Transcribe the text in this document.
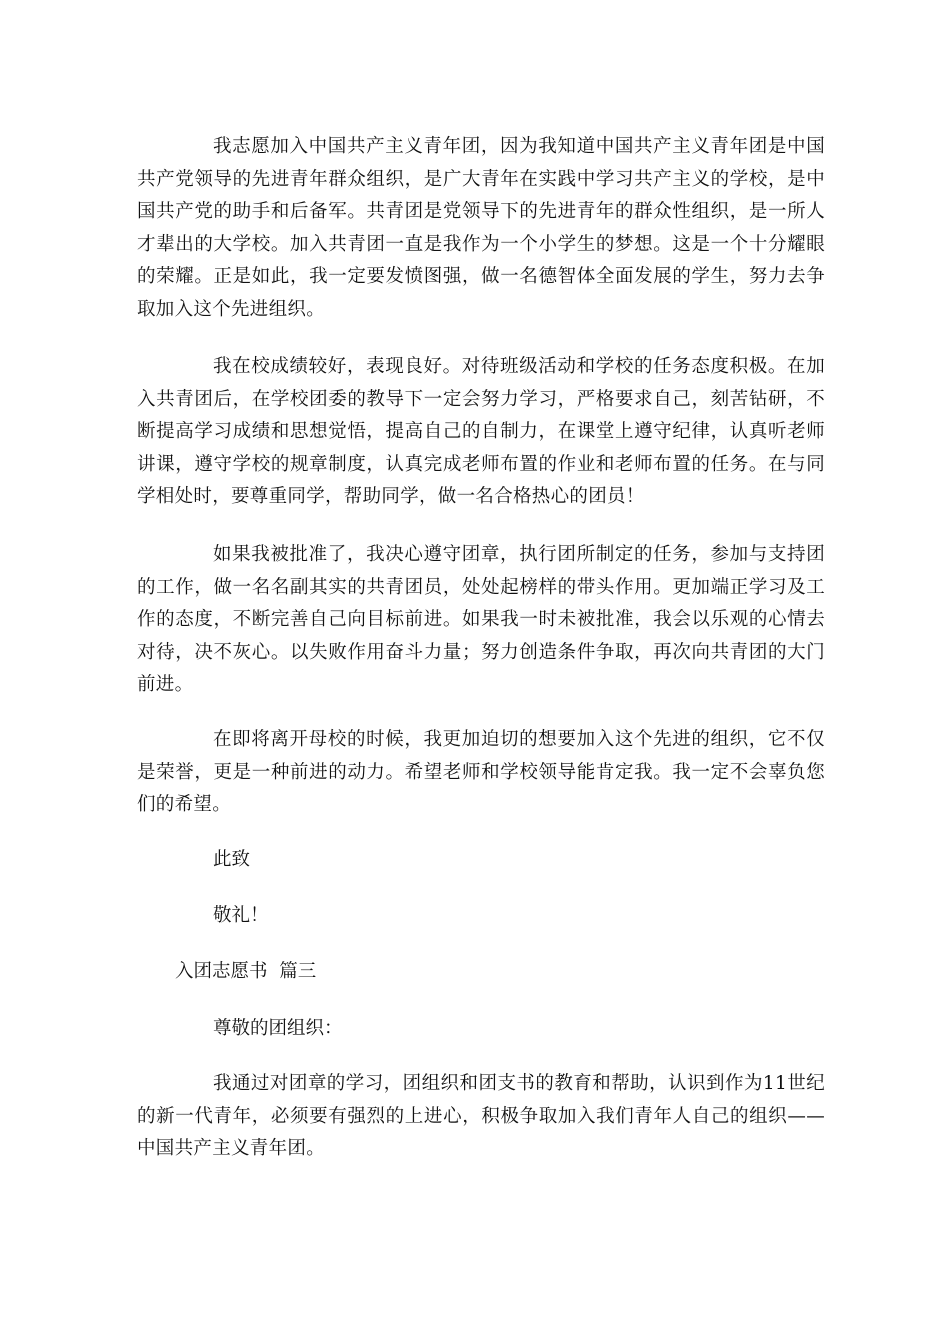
我志愿加入中国共产主义青年团，因为我知道中国共产主义青年团是中国共产党领导的先进青年群众组织，是广大青年在实践中学习共产主义的学校，是中国共产党的助手和后备军。共青团是党领导下的先进青年的群众性组织，是一所人才辈出的大学校。加入共青团一直是我作为一个小学生的梦想。这是一个十分耀眼的荣耀。正是如此，我一定要发愤图强，做一名德智体全面发展的学生，努力去争取加入这个先进组织。

我在校成绩较好，表现良好。对待班级活动和学校的任务态度积极。在加入共青团后，在学校团委的教导下一定会努力学习，严格要求自己，刻苦钻研，不断提高学习成绩和思想觉悟，提高自己的自制力，在课堂上遵守纪律，认真听老师讲课，遵守学校的规章制度，认真完成老师布置的作业和老师布置的任务。在与同学相处时，要尊重同学，帮助同学，做一名合格热心的团员！

如果我被批准了，我决心遵守团章，执行团所制定的任务，参加与支持团的工作，做一名名副其实的共青团员，处处起榜样的带头作用。更加端正学习及工作的态度，不断完善自己向目标前进。如果我一时未被批准，我会以乐观的心情去对待，决不灰心。以失败作用奋斗力量；努力创造条件争取，再次向共青团的大门前进。

在即将离开母校的时候，我更加迫切的想要加入这个先进的组织，它不仅是荣誉，更是一种前进的动力。希望老师和学校领导能肯定我。我一定不会辜负您们的希望。

此致

敬礼！

入团志愿书  篇三

尊敬的团组织：

我通过对团章的学习，团组织和团支书的教育和帮助，认识到作为11世纪的新一代青年，必须要有强烈的上进心，积极争取加入我们青年人自己的组织——中国共产主义青年团。
